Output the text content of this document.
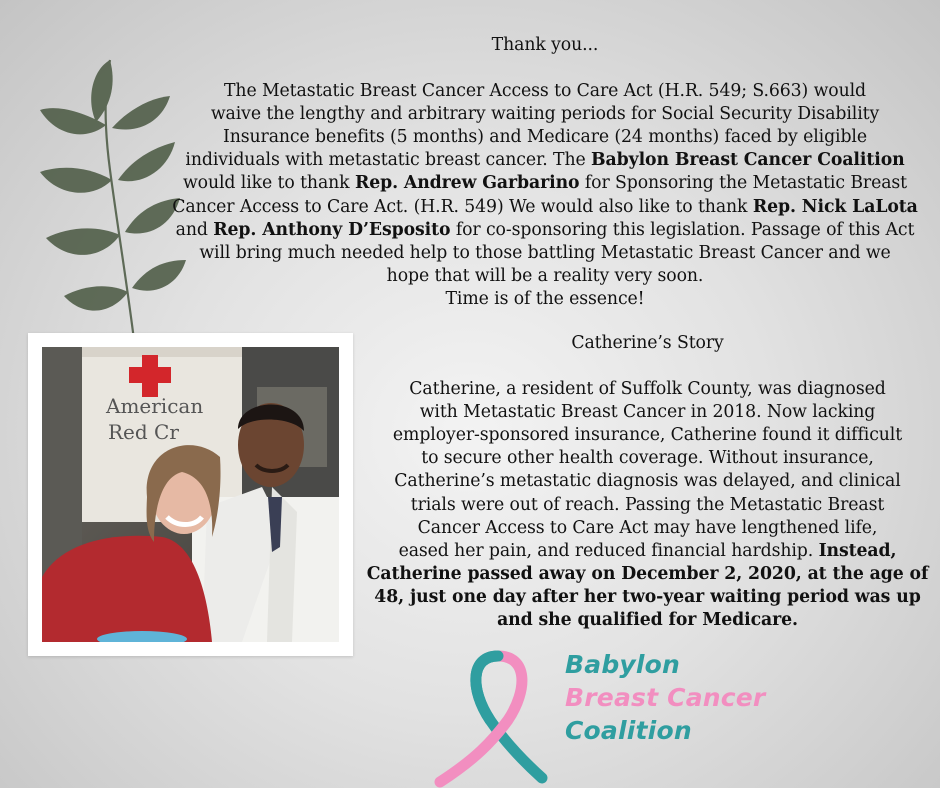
Thank you...

The Metastatic Breast Cancer Access to Care Act (H.R. 549; S.663) would

waive the lengthy and arbitrary waiting periods for Social Security Disability

Insurance benefits (5 months) and Medicare (24 months) faced by eligible

individuals with metastatic breast cancer. The Babylon Breast Cancer Coalition

would like to thank Rep. Andrew Garbarino for Sponsoring the Metastatic Breast

Cancer Access to Care Act. (H.R. 549) We would also like to thank Rep. Nick LaLota

and Rep. Anthony D’Esposito for co-sponsoring this legislation. Passage of this Act

will bring much needed help to those battling Metastatic Breast Cancer and we

hope that will be a reality very soon.

Time is of the essence!

American
Red Cr

Catherine’s Story

Catherine, a resident of Suffolk County, was diagnosed

with Metastatic Breast Cancer in 2018. Now lacking

employer-sponsored insurance, Catherine found it difficult

to secure other health coverage. Without insurance,

Catherine’s metastatic diagnosis was delayed, and clinical

trials were out of reach. Passing the Metastatic Breast

Cancer Access to Care Act may have lengthened life,

eased her pain, and reduced financial hardship. Instead,

Catherine passed away on December 2, 2020, at the age of

48, just one day after her two-year waiting period was up

and she qualified for Medicare.

Babylon
Breast Cancer
Coalition
